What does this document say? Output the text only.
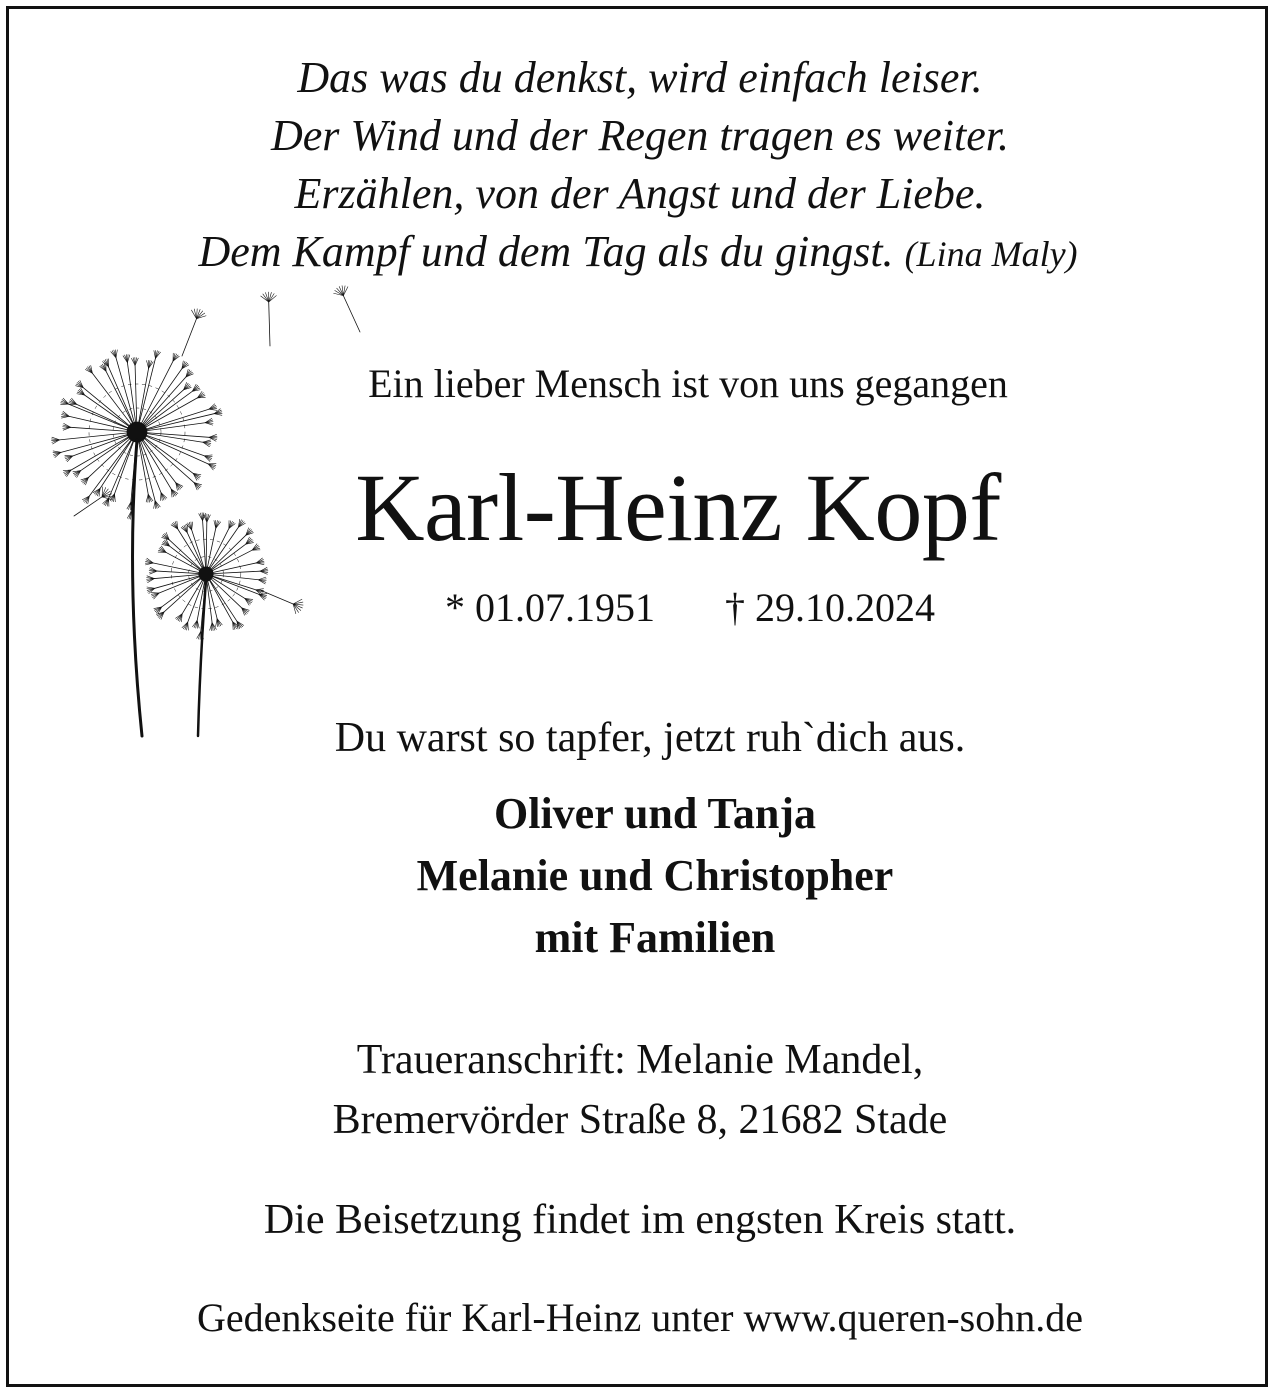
Das was du denkst, wird einfach leiser.
Der Wind und der Regen tragen es weiter.
Erzählen, von der Angst und der Liebe.
Dem Kampf und dem Tag als du gingst. (Lina Maly)
Ein lieber Mensch ist von uns gegangen
Karl-Heinz Kopf
* 01.07.1951 † 29.10.2024
Du warst so tapfer, jetzt ruh`dich aus.
Oliver und Tanja
Melanie und Christopher
mit Familien
Traueranschrift: Melanie Mandel,
Bremervörder Straße 8, 21682 Stade
Die Beisetzung findet im engsten Kreis statt.
Gedenkseite für Karl-Heinz unter www.queren-sohn.de
